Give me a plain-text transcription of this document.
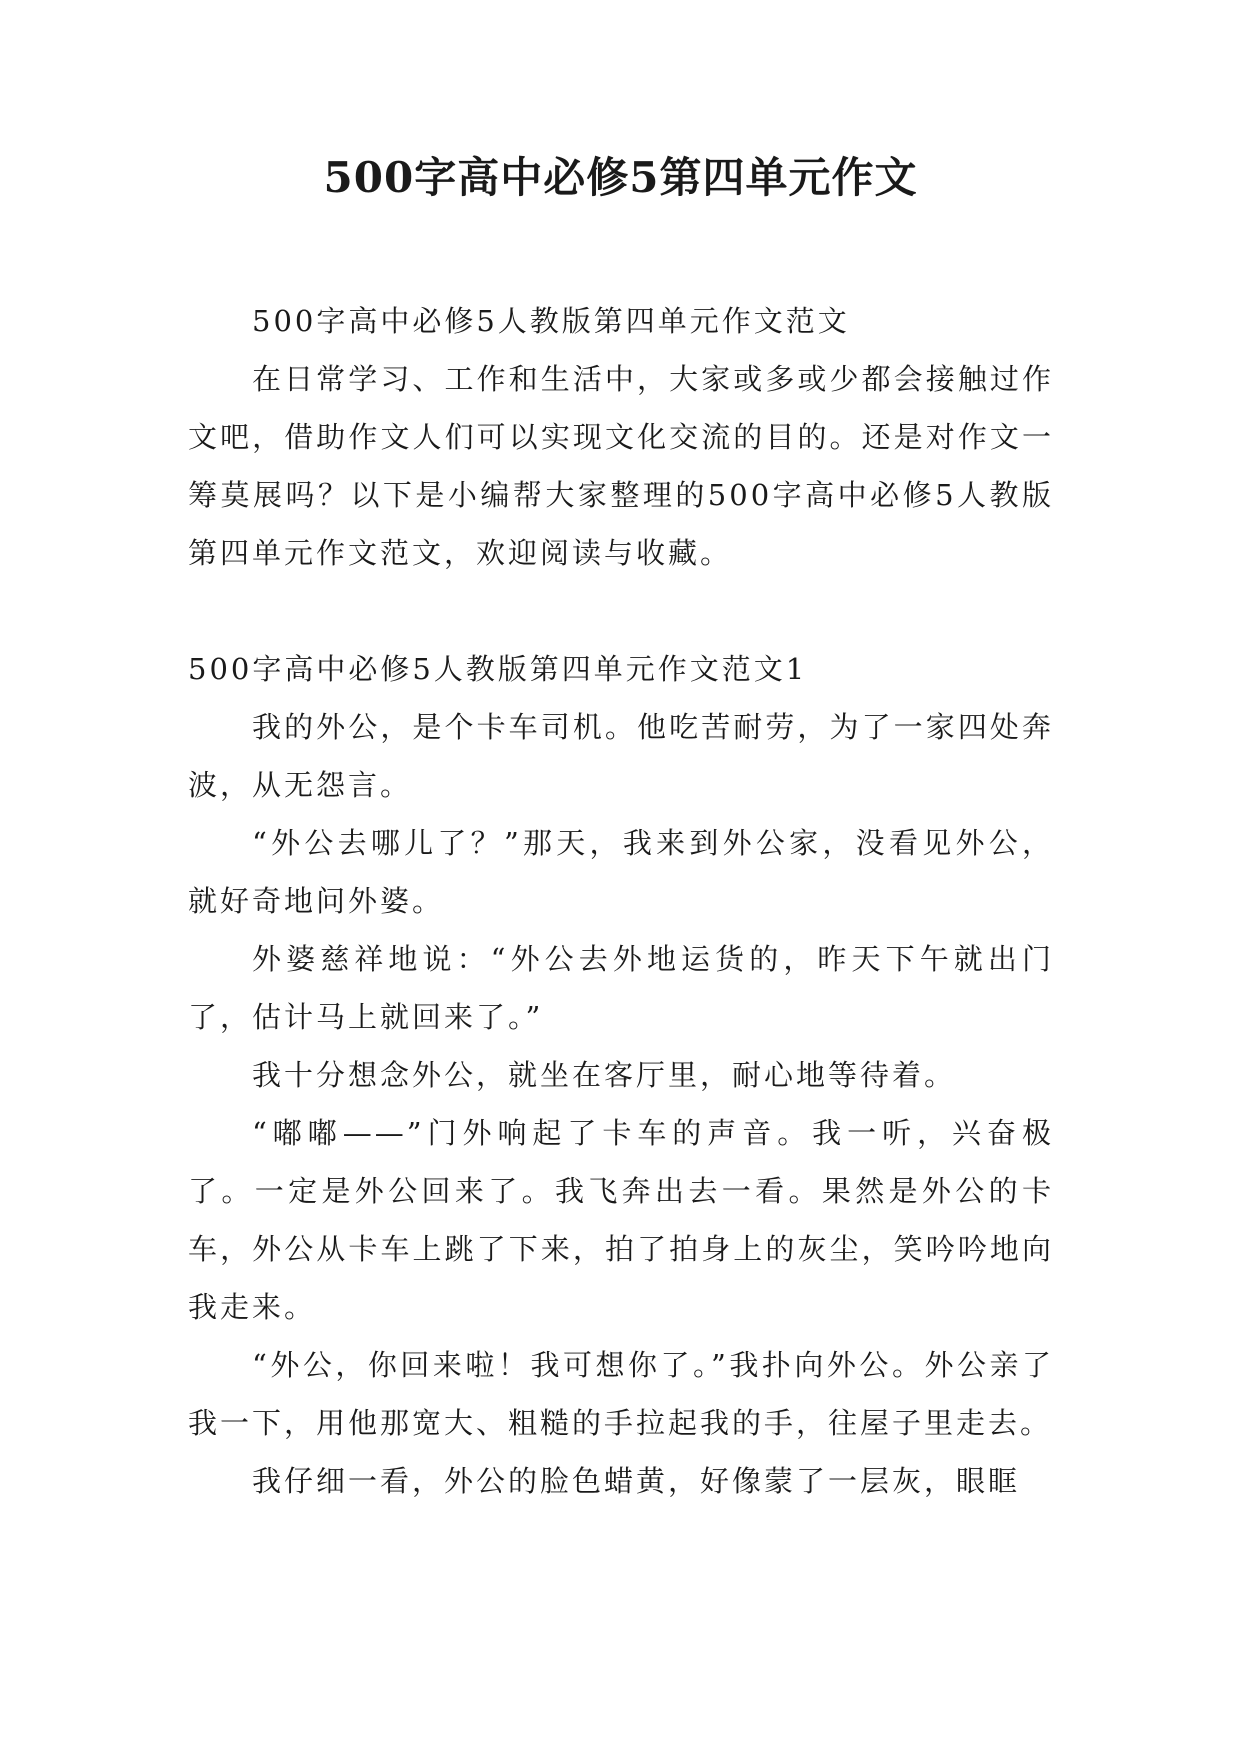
500字高中必修5第四单元作文

500字高中必修5人教版第四单元作文范文

在日常学习、工作和生活中，大家或多或少都会接触过作文吧，借助作文人们可以实现文化交流的目的。还是对作文一筹莫展吗？以下是小编帮大家整理的500字高中必修5人教版第四单元作文范文，欢迎阅读与收藏。

500字高中必修5人教版第四单元作文范文1

我的外公，是个卡车司机。他吃苦耐劳，为了一家四处奔波，从无怨言。

“外公去哪儿了？”那天，我来到外公家，没看见外公，就好奇地问外婆。

外婆慈祥地说：“外公去外地运货的，昨天下午就出门了，估计马上就回来了。”

我十分想念外公，就坐在客厅里，耐心地等待着。

“嘟嘟——”门外响起了卡车的声音。我一听，兴奋极了。一定是外公回来了。我飞奔出去一看。果然是外公的卡车，外公从卡车上跳了下来，拍了拍身上的灰尘，笑吟吟地向我走来。

“外公，你回来啦！我可想你了。”我扑向外公。外公亲了我一下，用他那宽大、粗糙的手拉起我的手，往屋子里走去。

我仔细一看，外公的脸色蜡黄，好像蒙了一层灰，眼眶
